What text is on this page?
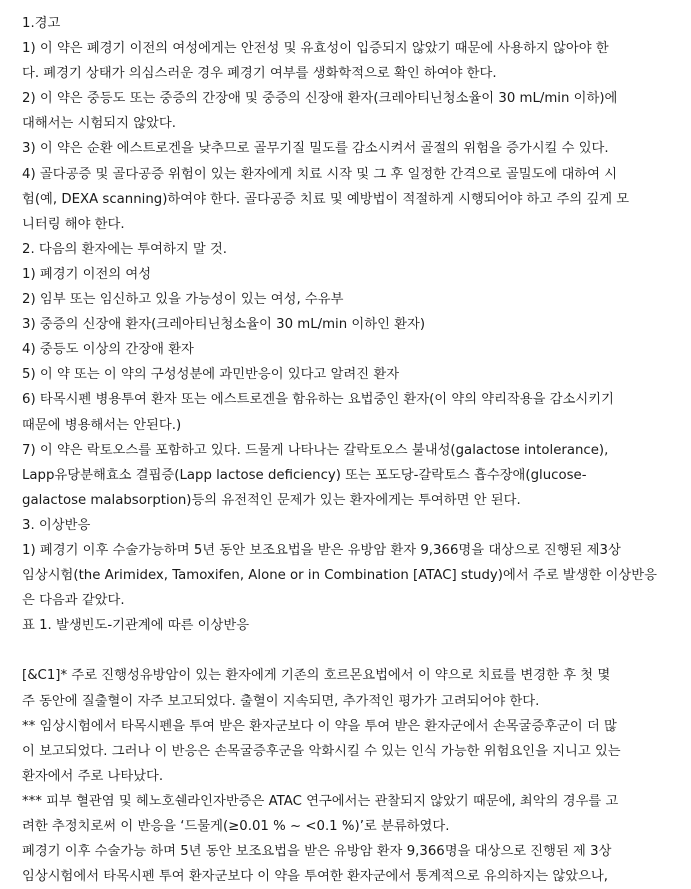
1.경고
1) 이 약은 폐경기 이전의 여성에게는 안전성 및 유효성이 입증되지 않았기 때문에 사용하지 않아야 한
다. 폐경기 상태가 의심스러운 경우 폐경기 여부를 생화학적으로 확인 하여야 한다.
2) 이 약은 중등도 또는 중증의 간장애 및 중증의 신장애 환자(크레아티닌청소율이 30 mL/min 이하)에
대해서는 시험되지 않았다.
3) 이 약은 순환 에스트로겐을 낮추므로 골무기질 밀도를 감소시켜서 골절의 위험을 증가시킬 수 있다.
4) 골다공증 및 골다공증 위험이 있는 환자에게 치료 시작 및 그 후 일정한 간격으로 골밀도에 대하여 시
험(예, DEXA scanning)하여야 한다. 골다공증 치료 및 예방법이 적절하게 시행되어야 하고 주의 깊게 모
니터링 해야 한다.
2. 다음의 환자에는 투여하지 말 것.
1) 폐경기 이전의 여성
2) 임부 또는 임신하고 있을 가능성이 있는 여성, 수유부
3) 중증의 신장애 환자(크레아티닌청소율이 30 mL/min 이하인 환자)
4) 중등도 이상의 간장애 환자
5) 이 약 또는 이 약의 구성성분에 과민반응이 있다고 알려진 환자
6) 타목시펜 병용투여 환자 또는 에스트로겐을 함유하는 요법중인 환자(이 약의 약리작용을 감소시키기
때문에 병용해서는 안된다.)
7) 이 약은 락토오스를 포함하고 있다. 드물게 나타나는 갈락토오스 불내성(galactose intolerance),
Lapp유당분해효소 결핍증(Lapp lactose deficiency) 또는 포도당-갈락토스 흡수장애(glucose-
galactose malabsorption)등의 유전적인 문제가 있는 환자에게는 투여하면 안 된다.
3. 이상반응
1) 폐경기 이후 수술가능하며 5년 동안 보조요법을 받은 유방암 환자 9,366명을 대상으로 진행된 제3상
임상시험(the Arimidex, Tamoxifen, Alone or in Combination [ATAC] study)에서 주로 발생한 이상반응
은 다음과 같았다.
표 1. 발생빈도-기관계에 따른 이상반응
[&C1]* 주로 진행성유방암이 있는 환자에게 기존의 호르몬요법에서 이 약으로 치료를 변경한 후 첫 몇
주 동안에 질출혈이 자주 보고되었다. 출혈이 지속되면, 추가적인 평가가 고려되어야 한다.
** 임상시험에서 타목시펜을 투여 받은 환자군보다 이 약을 투여 받은 환자군에서 손목굴증후군이 더 많
이 보고되었다. 그러나 이 반응은 손목굴증후군을 악화시킬 수 있는 인식 가능한 위험요인을 지니고 있는
환자에서 주로 나타났다.
*** 피부 혈관염 및 헤노호쉔라인자반증은 ATAC 연구에서는 관찰되지 않았기 때문에, 최악의 경우를 고
려한 추정치로써 이 반응을 ‘드물게(≥0.01 % ~ <0.1 %)’로 분류하였다.
폐경기 이후 수술가능 하며 5년 동안 보조요법을 받은 유방암 환자 9,366명을 대상으로 진행된 제 3상
임상시험에서 타목시펜 투여 환자군보다 이 약을 투여한 환자군에서 통계적으로 유의하지는 않았으나,
